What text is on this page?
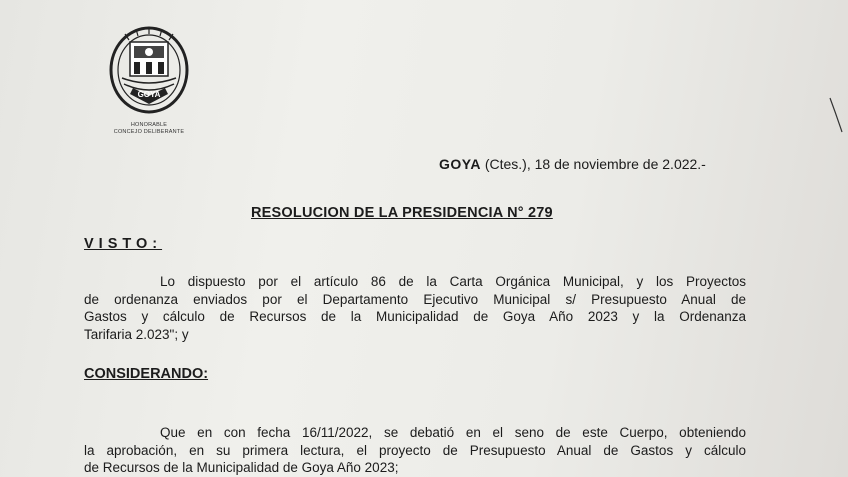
GOYA
HONORABLE
CONCEJO DELIBERANTE
GOYA (Ctes.), 18 de noviembre de 2.022.-
RESOLUCION DE LA PRESIDENCIA N° 279
VISTO:
Lo dispuesto por el artículo 86 de la Carta Orgánica Municipal, y los Proyectos
de ordenanza enviados por el Departamento Ejecutivo Municipal s/ Presupuesto Anual de
Gastos y cálculo de Recursos de la Municipalidad de Goya Año 2023 y la Ordenanza
Tarifaria 2.023"; y
CONSIDERANDO:
Que en con fecha 16/11/2022, se debatió en el seno de este Cuerpo, obteniendo
la aprobación, en su primera lectura, el proyecto de Presupuesto Anual de Gastos y cálculo
de Recursos de la Municipalidad de Goya Año 2023;
